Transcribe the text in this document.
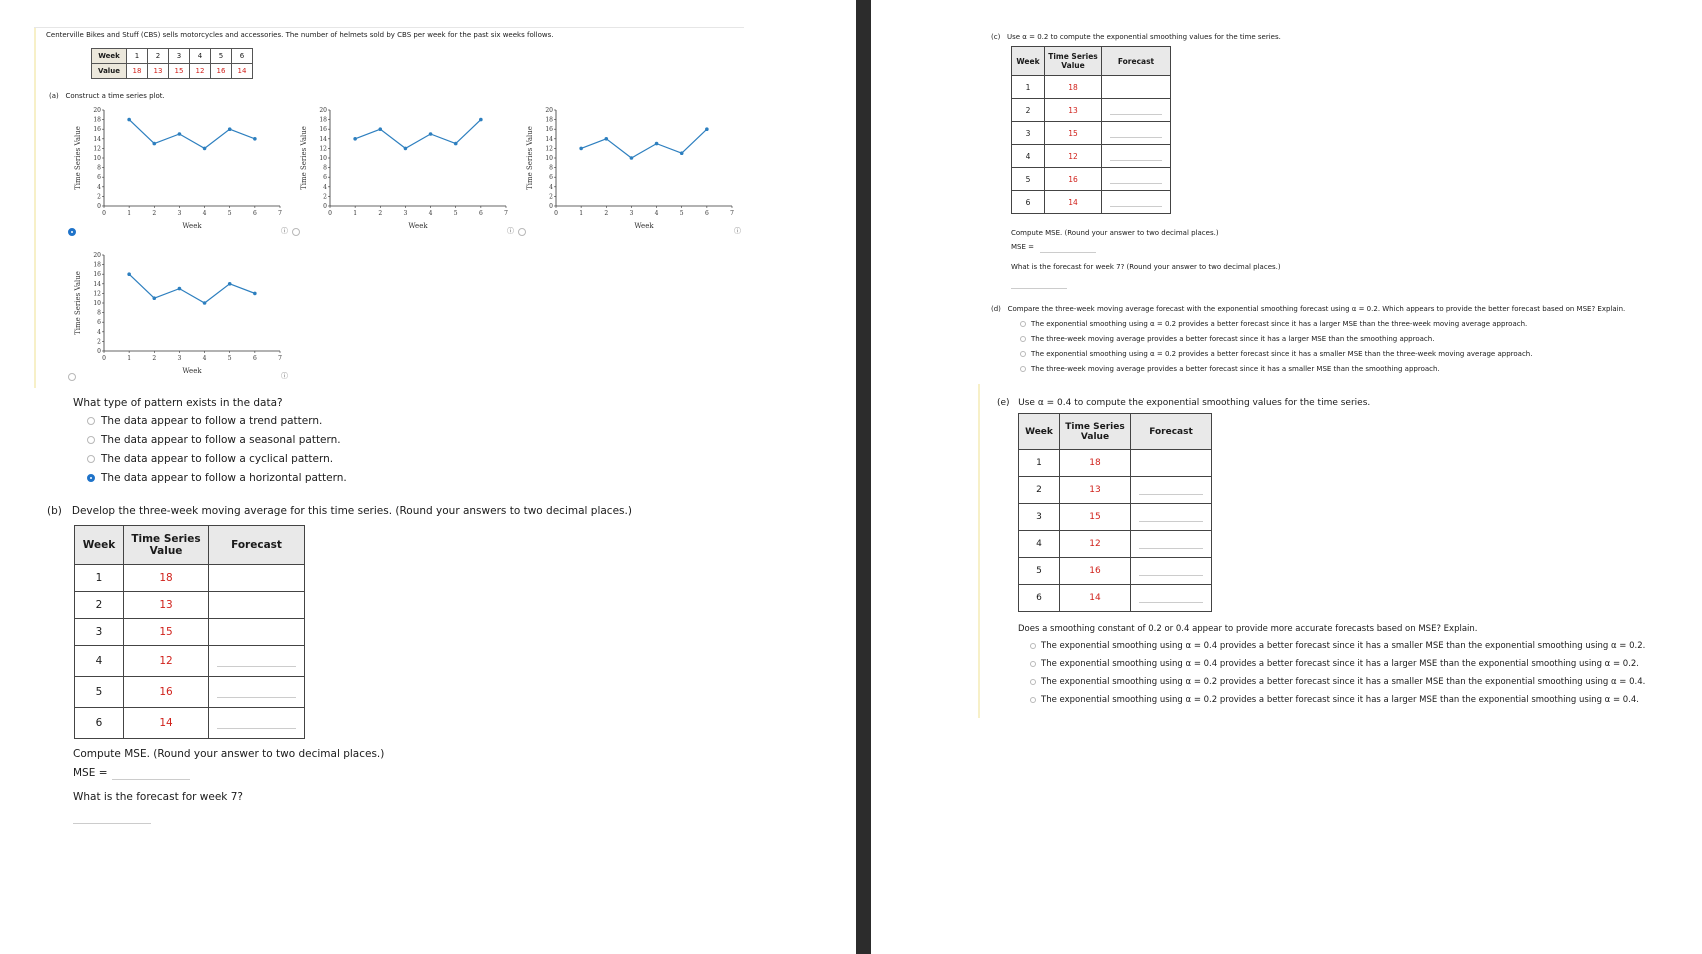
Centerville Bikes and Stuff (CBS) sells motorcycles and accessories. The number of helmets sold by CBS per week for the past six weeks follows.
Week	1	2	3	4	5	6
Value	18	13	15	12	16	14
(a) Construct a time series plot.
20
18
16
14
12
10
8
6
4
2
0
0	1	2	3	4	5	6	7
Week
Time Series Value
20
18
16
14
12
10
8
6
4
2
0
0	1	2	3	4	5	6	7
Week
Time Series Value
20
18
16
14
12
10
8
6
4
2
0
0	1	2	3	4	5	6	7
Week
Time Series Value
20
18
16
14
12
10
8
6
4
2
0
0	1	2	3	4	5	6	7
Week
Time Series Value
ⓘ	ⓘ	ⓘ
ⓘ
What type of pattern exists in the data?
The data appear to follow a trend pattern.
The data appear to follow a seasonal pattern.
The data appear to follow a cyclical pattern.
The data appear to follow a horizontal pattern.
(b) Develop the three-week moving average for this time series. (Round your answers to two decimal places.)
Week	Time Series Value	Forecast
1	18	
2	13	
3	15	
4	12	

5	16	

6	14	
Compute MSE. (Round your answer to two decimal places.)
MSE =
What is the forecast for week 7?
(c) Use α = 0.2 to compute the exponential smoothing values for the time series.
Week	Time Series Value	Forecast
1	18	
2	13	

3	15	

4	12	

5	16	

6	14	
Compute MSE. (Round your answer to two decimal places.)
MSE =
What is the forecast for week 7? (Round your answer to two decimal places.)
(d) Compare the three-week moving average forecast with the exponential smoothing forecast using α = 0.2. Which appears to provide the better forecast based on MSE? Explain.
The exponential smoothing using α = 0.2 provides a better forecast since it has a larger MSE than the three-week moving average approach.
The three-week moving average provides a better forecast since it has a larger MSE than the smoothing approach.
The exponential smoothing using α = 0.2 provides a better forecast since it has a smaller MSE than the three-week moving average approach.
The three-week moving average provides a better forecast since it has a smaller MSE than the smoothing approach.
(e) Use α = 0.4 to compute the exponential smoothing values for the time series.
Week	Time Series Value	Forecast
1	18	
2	13	

3	15	

4	12	

5	16	

6	14	
Does a smoothing constant of 0.2 or 0.4 appear to provide more accurate forecasts based on MSE? Explain.
The exponential smoothing using α = 0.4 provides a better forecast since it has a smaller MSE than the exponential smoothing using α = 0.2.
The exponential smoothing using α = 0.4 provides a better forecast since it has a larger MSE than the exponential smoothing using α = 0.2.
The exponential smoothing using α = 0.2 provides a better forecast since it has a smaller MSE than the exponential smoothing using α = 0.4.
The exponential smoothing using α = 0.2 provides a better forecast since it has a larger MSE than the exponential smoothing using α = 0.4.
